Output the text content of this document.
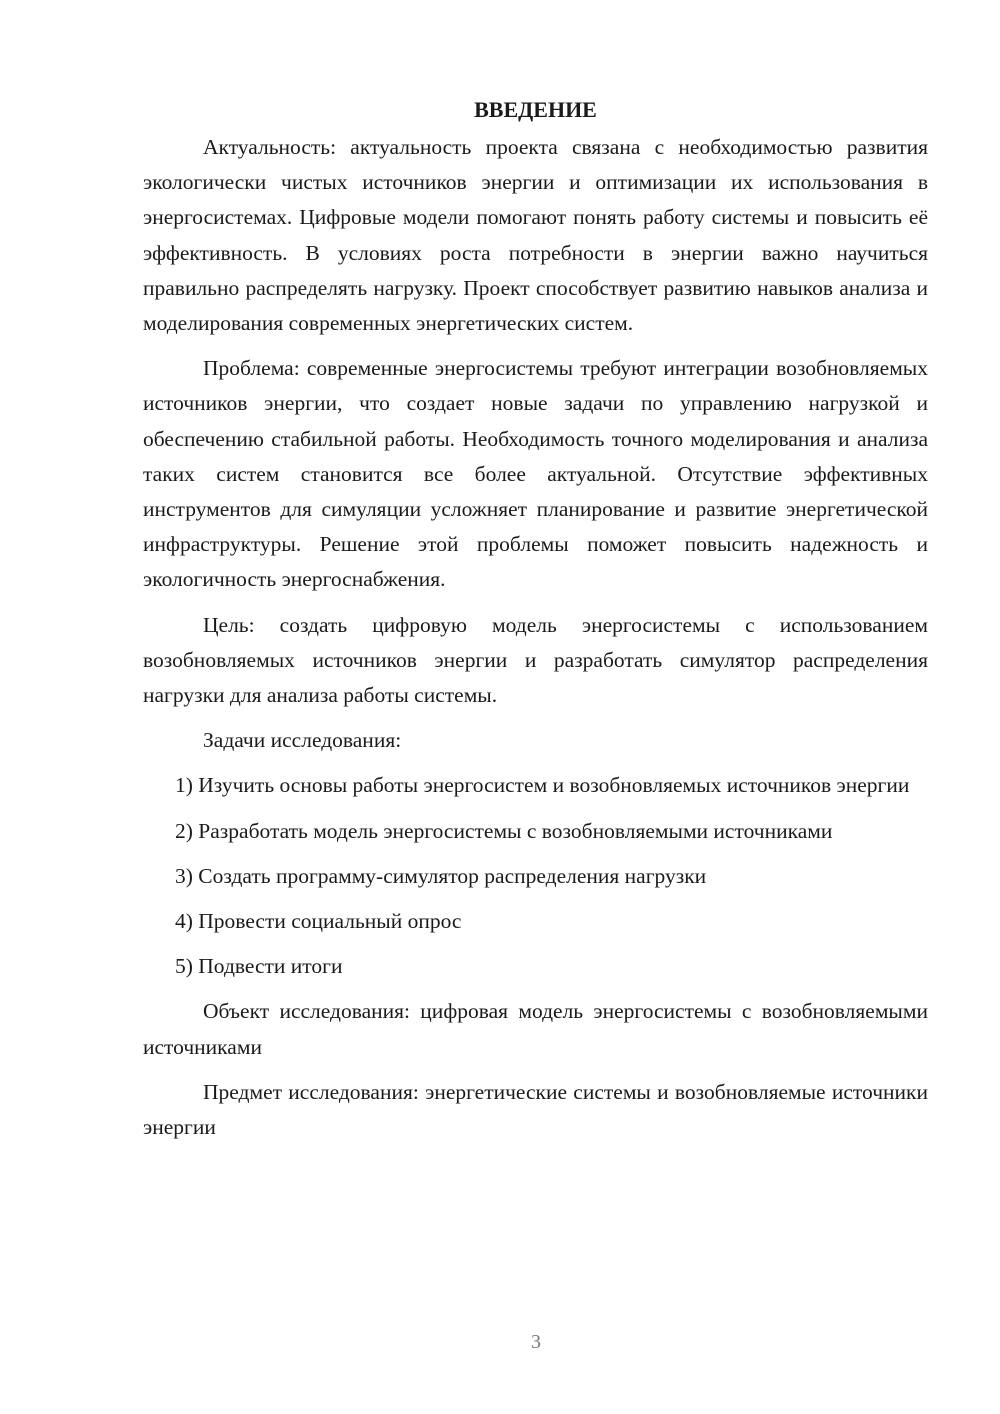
ВВЕДЕНИЕ

Актуальность: актуальность проекта связана с необходимостью развития экологически чистых источников энергии и оптимизации их использования в энергосистемах. Цифровые модели помогают понять работу системы и повысить её эффективность. В условиях роста потребности в энергии важно научиться правильно распределять нагрузку. Проект способствует развитию навыков анализа и моделирования современных энергетических систем.

Проблема: современные энергосистемы требуют интеграции возобновляемых источников энергии, что создает новые задачи по управлению нагрузкой и обеспечению стабильной работы. Необходимость точного моделирования и анализа таких систем становится все более актуальной. Отсутствие эффективных инструментов для симуляции усложняет планирование и развитие энергетической инфраструктуры. Решение этой проблемы поможет повысить надежность и экологичность энергоснабжения.

Цель: создать цифровую модель энергосистемы с использованием возобновляемых источников энергии и разработать симулятор распределения нагрузки для анализа работы системы.

Задачи исследования:

1) Изучить основы работы энергосистем и возобновляемых источников энергии

2) Разработать модель энергосистемы с возобновляемыми источниками

3) Создать программу-симулятор распределения нагрузки

4) Провести социальный опрос

5) Подвести итоги

Объект исследования: цифровая модель энергосистемы с возобновляемыми источниками

Предмет исследования: энергетические системы и возобновляемые источники энергии

3
